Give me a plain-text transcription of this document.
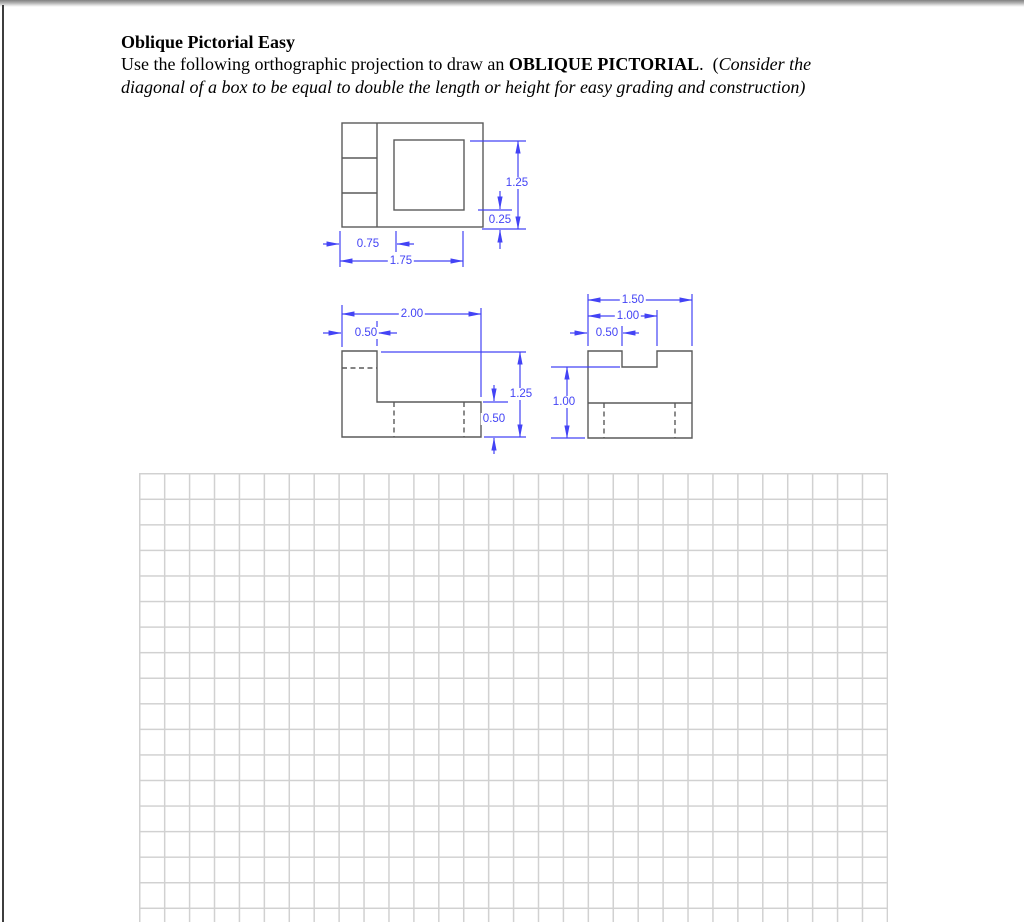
Oblique Pictorial Easy
Use the following orthographic projection to draw an OBLIQUE PICTORIAL.  (Consider the
diagonal of a box to be equal to double the length or height for easy grading and construction)
1.25
0.25
0.75
1.75
2.00
0.50
1.25
0.50
1.50
1.00
0.50
1.00
